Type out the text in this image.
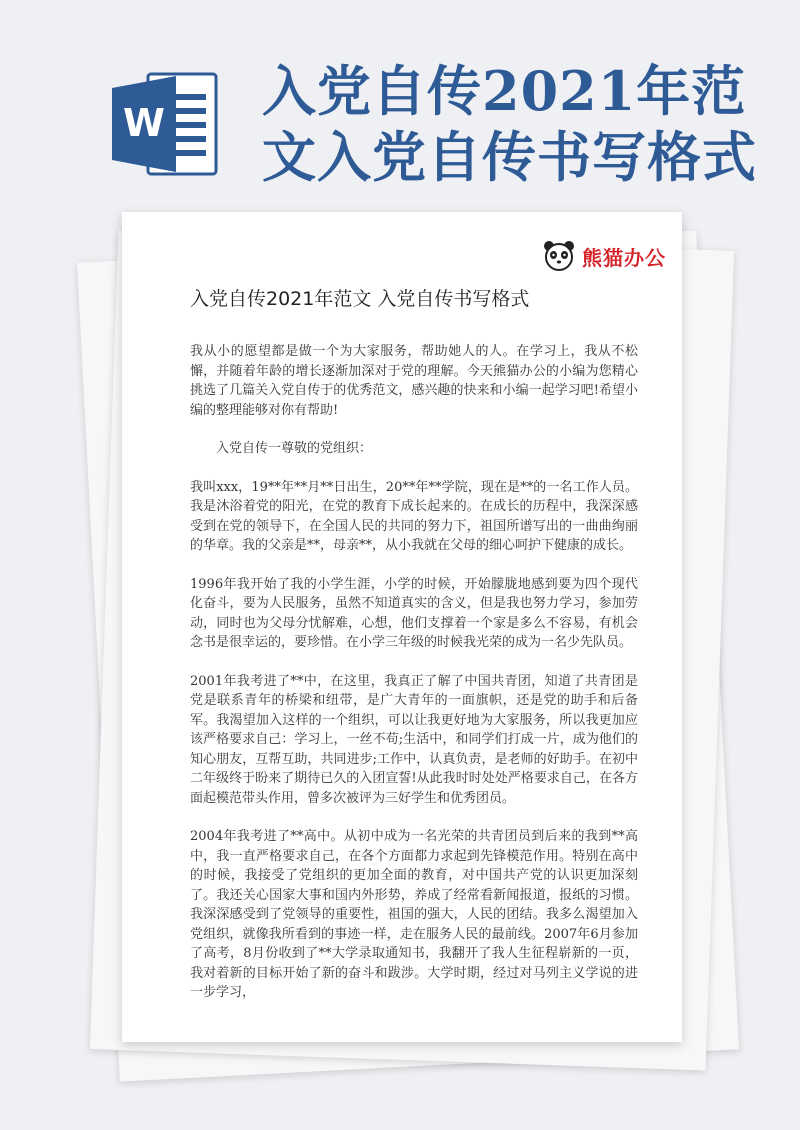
W 入党自传2021年范
文入党自传书写格式
熊猫办公
入党自传2021年范文 入党自传书写格式

我从小的愿望都是做一个为大家服务，帮助她人的人。在学习上，我从不松懈，并随着年龄的增长逐渐加深对于党的理解。今天熊猫办公的小编为您精心挑选了几篇关入党自传于的优秀范文，感兴趣的快来和小编一起学习吧!希望小编的整理能够对你有帮助!

入党自传一尊敬的党组织：

我叫xxx，19**年**月**日出生，20**年**学院，现在是**的一名工作人员。我是沐浴着党的阳光，在党的教育下成长起来的。在成长的历程中，我深深感受到在党的领导下，在全国人民的共同的努力下，祖国所谱写出的一曲曲绚丽的华章。我的父亲是**，母亲**，从小我就在父母的细心呵护下健康的成长。

1996年我开始了我的小学生涯，小学的时候，开始朦胧地感到要为四个现代化奋斗，要为人民服务，虽然不知道真实的含义，但是我也努力学习，参加劳动，同时也为父母分忧解难，心想，他们支撑着一个家是多么不容易，有机会念书是很幸运的，要珍惜。在小学三年级的时候我光荣的成为一名少先队员。

2001年我考进了**中，在这里，我真正了解了中国共青团，知道了共青团是党是联系青年的桥梁和纽带，是广大青年的一面旗帜，还是党的助手和后备军。我渴望加入这样的一个组织，可以让我更好地为大家服务，所以我更加应该严格要求自己：学习上，一丝不苟;生活中，和同学们打成一片，成为他们的知心朋友，互帮互助，共同进步;工作中，认真负责，是老师的好助手。在初中二年级终于盼来了期待已久的入团宣誓!从此我时时处处严格要求自己，在各方面起模范带头作用，曾多次被评为三好学生和优秀团员。

2004年我考进了**高中。从初中成为一名光荣的共青团员到后来的我到**高中，我一直严格要求自己，在各个方面都力求起到先锋模范作用。特别在高中的时候，我接受了党组织的更加全面的教育，对中国共产党的认识更加深刻了。我还关心国家大事和国内外形势，养成了经常看新闻报道，报纸的习惯。我深深感受到了党领导的重要性，祖国的强大，人民的团结。我多么渴望加入党组织，就像我所看到的事迹一样，走在服务人民的最前线。2007年6月参加了高考，8月份收到了**大学录取通知书，我翻开了我人生征程崭新的一页，我对着新的目标开始了新的奋斗和跋涉。大学时期，经过对马列主义学说的进一步学习，
